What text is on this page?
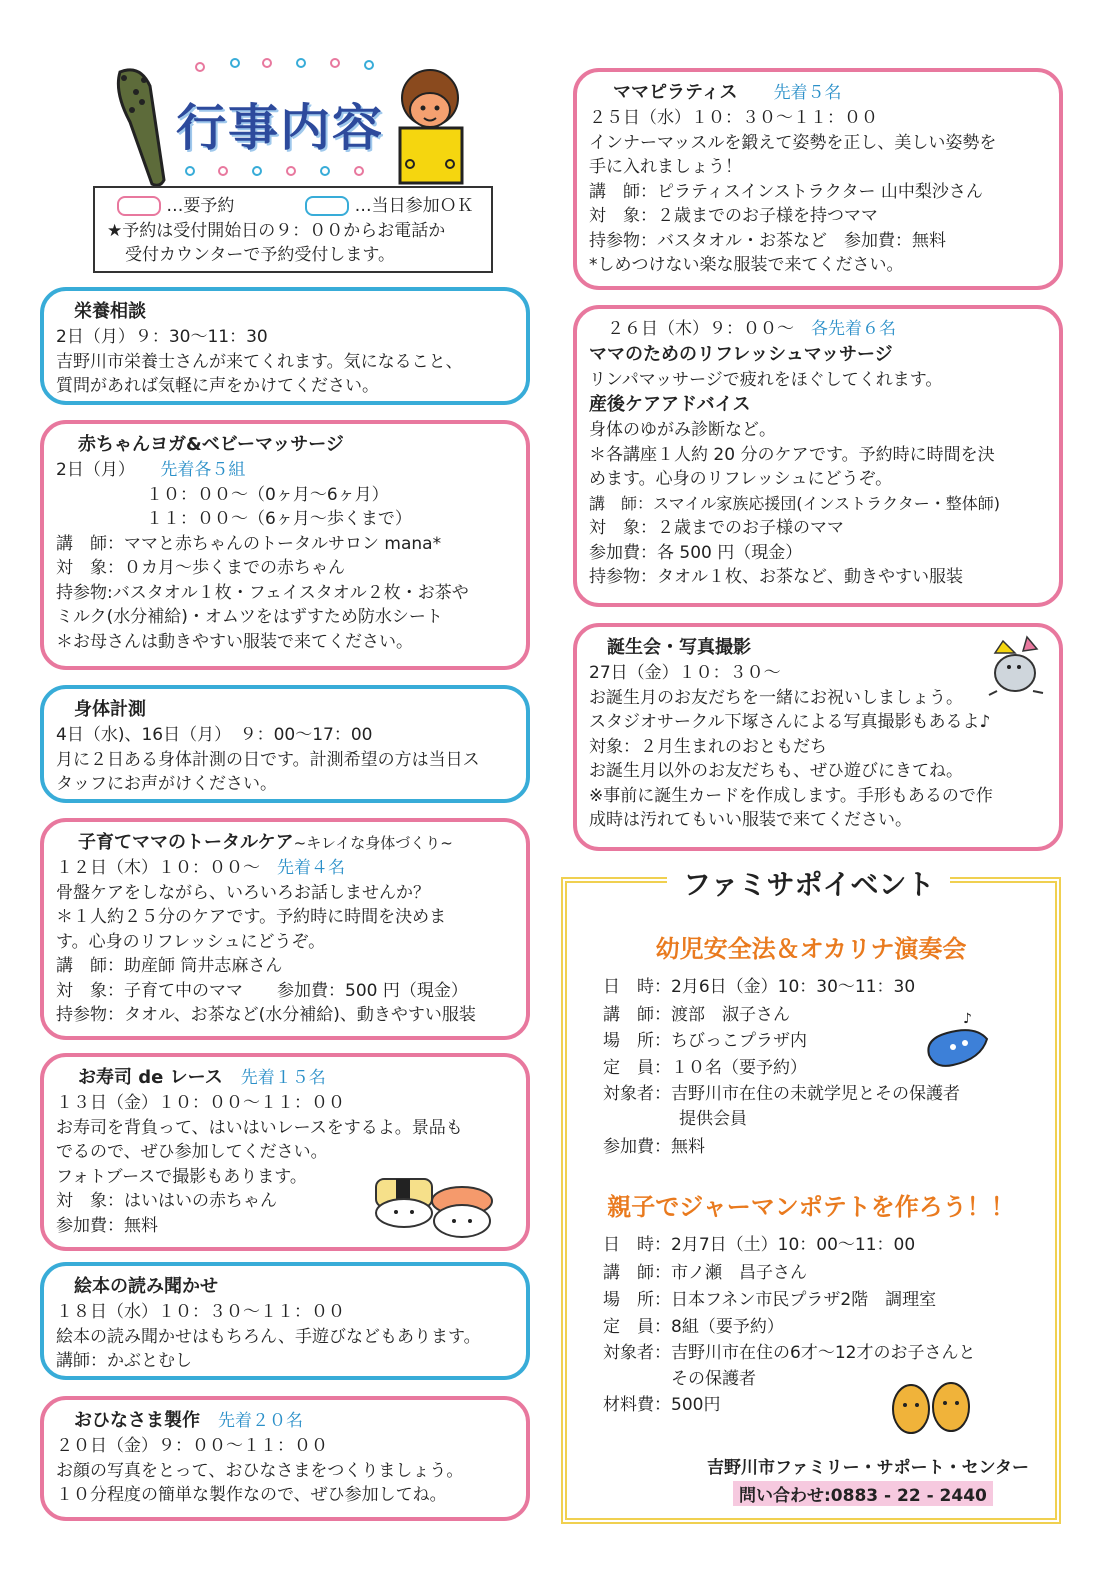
行事内容
…要予約	…当日参加ＯＫ
★予約は受付開始日の９：００からお電話か
受付カウンターで予約受付します。
栄養相談
2日（月）９：30～11：30
吉野川市栄養士さんが来てくれます。気になること、
質問があれば気軽に声をかけてください。
赤ちゃんヨガ&ベビーマッサージ
2日（月）　　 先着各５組
１０：００～（0ヶ月～6ヶ月）
１１：００～（6ヶ月～歩くまで）
講　師：ママと赤ちゃんのトータルサロン mana*
対　象：０カ月～歩くまでの赤ちゃん
持参物:バスタオル１枚・フェイスタオル２枚・お茶や
ミルク(水分補給)・オムツをはずすため防水シート
＊お母さんは動きやすい服装で来てください。
身体計測
4日（水)、16日（月）　９：00～17：00
月に２日ある身体計測の日です。計測希望の方は当日ス
タッフにお声がけください。
子育てママのトータルケア~キレイな身体づくり~
１２日（木）１０：００～　 先着４名
骨盤ケアをしながら、いろいろお話しませんか？
＊１人約２５分のケアです。予約時に時間を決めま
す。心身のリフレッシュにどうぞ。
講　師：助産師 筒井志麻さん
対　象：子育て中のママ　　参加費：500 円（現金）
持参物：タオル、お茶など(水分補給)、動きやすい服装
お寿司 de レース　 先着１５名
１３日（金）１０：００～１１：００
お寿司を背負って、はいはいレースをするよ。景品も
でるので、ぜひ参加してください。
フォトブースで撮影もあります。
対　象：はいはいの赤ちゃん
参加費：無料
絵本の読み聞かせ
１８日（水）１０：３０～１１：００
絵本の読み聞かせはもちろん、手遊びなどもあります。
講師：かぶとむし
おひなさま製作　 先着２０名
２０日（金）９：００～１１：００
お顔の写真をとって、おひなさまをつくりましょう。
１０分程度の簡単な製作なので、ぜひ参加してね。
ママピラティス　　 先着５名
２５日（水）１０：３０～１１：００
インナーマッスルを鍛えて姿勢を正し、美しい姿勢を
手に入れましょう！
講　師：ピラティスインストラクター 山中梨沙さん
対　象：２歳までのお子様を持つママ
持参物：バスタオル・お茶など　参加費：無料
*しめつけない楽な服装で来てください。
２６日（木）９：００～　 各先着６名
ママのためのリフレッシュマッサージ
リンパマッサージで疲れをほぐしてくれます。
産後ケアアドバイス
身体のゆがみ診断など。
＊各講座１人約 20 分のケアです。予約時に時間を決
めます。心身のリフレッシュにどうぞ。
講　師：スマイル家族応援団(インストラクター・整体師)
対　象：２歳までのお子様のママ
参加費：各 500 円（現金）
持参物：タオル１枚、お茶など、動きやすい服装
誕生会・写真撮影
27日（金）１０：３０～
お誕生月のお友だちを一緒にお祝いしましょう。
スタジオサークル下塚さんによる写真撮影もあるよ♪
対象：２月生まれのおともだち
お誕生月以外のお友だちも、ぜひ遊びにきてね。
※事前に誕生カードを作成します。手形もあるので作
成時は汚れてもいい服装で来てください。
ファミサポイベント
幼児安全法＆オカリナ演奏会
日　時：2月6日（金）10：30～11：30
講　師：渡部　淑子さん
場　所：ちびっこプラザ内
定　員：１０名（要予約）
対象者：吉野川市在住の未就学児とその保護者
提供会員
参加費：無料
♪
親子でジャーマンポテトを作ろう！！
日　時：2月7日（土）10：00～11：00
講　師：市ノ瀬　昌子さん
場　所：日本フネン市民プラザ2階　調理室
定　員：8組（要予約）
対象者：吉野川市在住の6才～12才のお子さんと
その保護者
材料費：500円
吉野川市ファミリー・サポート・センター
問い合わせ:0883 - 22 - 2440
